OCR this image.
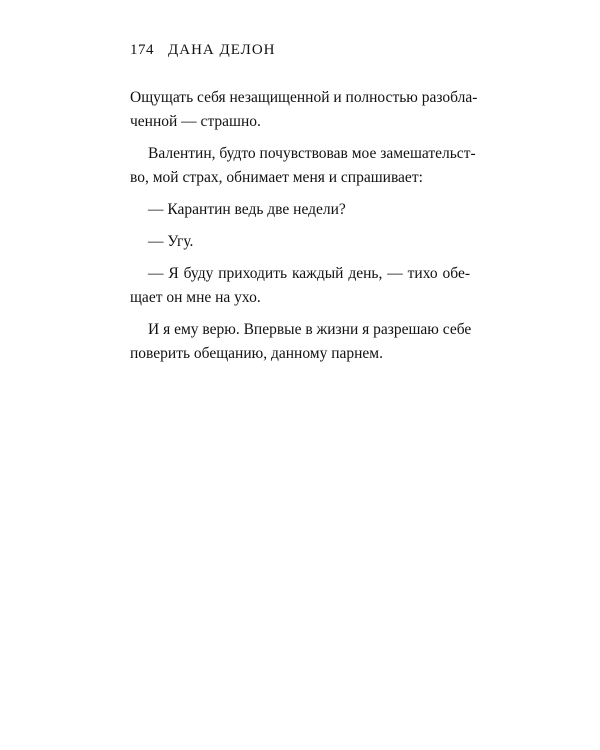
174 ДАНА ДЕЛОН
Ощущать себя незащищенной и полностью разобла-
ченной — страшно.
Валентин, будто почувствовав мое замешательст-
во, мой страх, обнимает меня и спрашивает:
— Карантин ведь две недели?
— Угу.
— Я буду приходить каждый день, — тихо обе-
щает он мне на ухо.
И я ему верю. Впервые в жизни я разрешаю себе
поверить обещанию, данному парнем.
